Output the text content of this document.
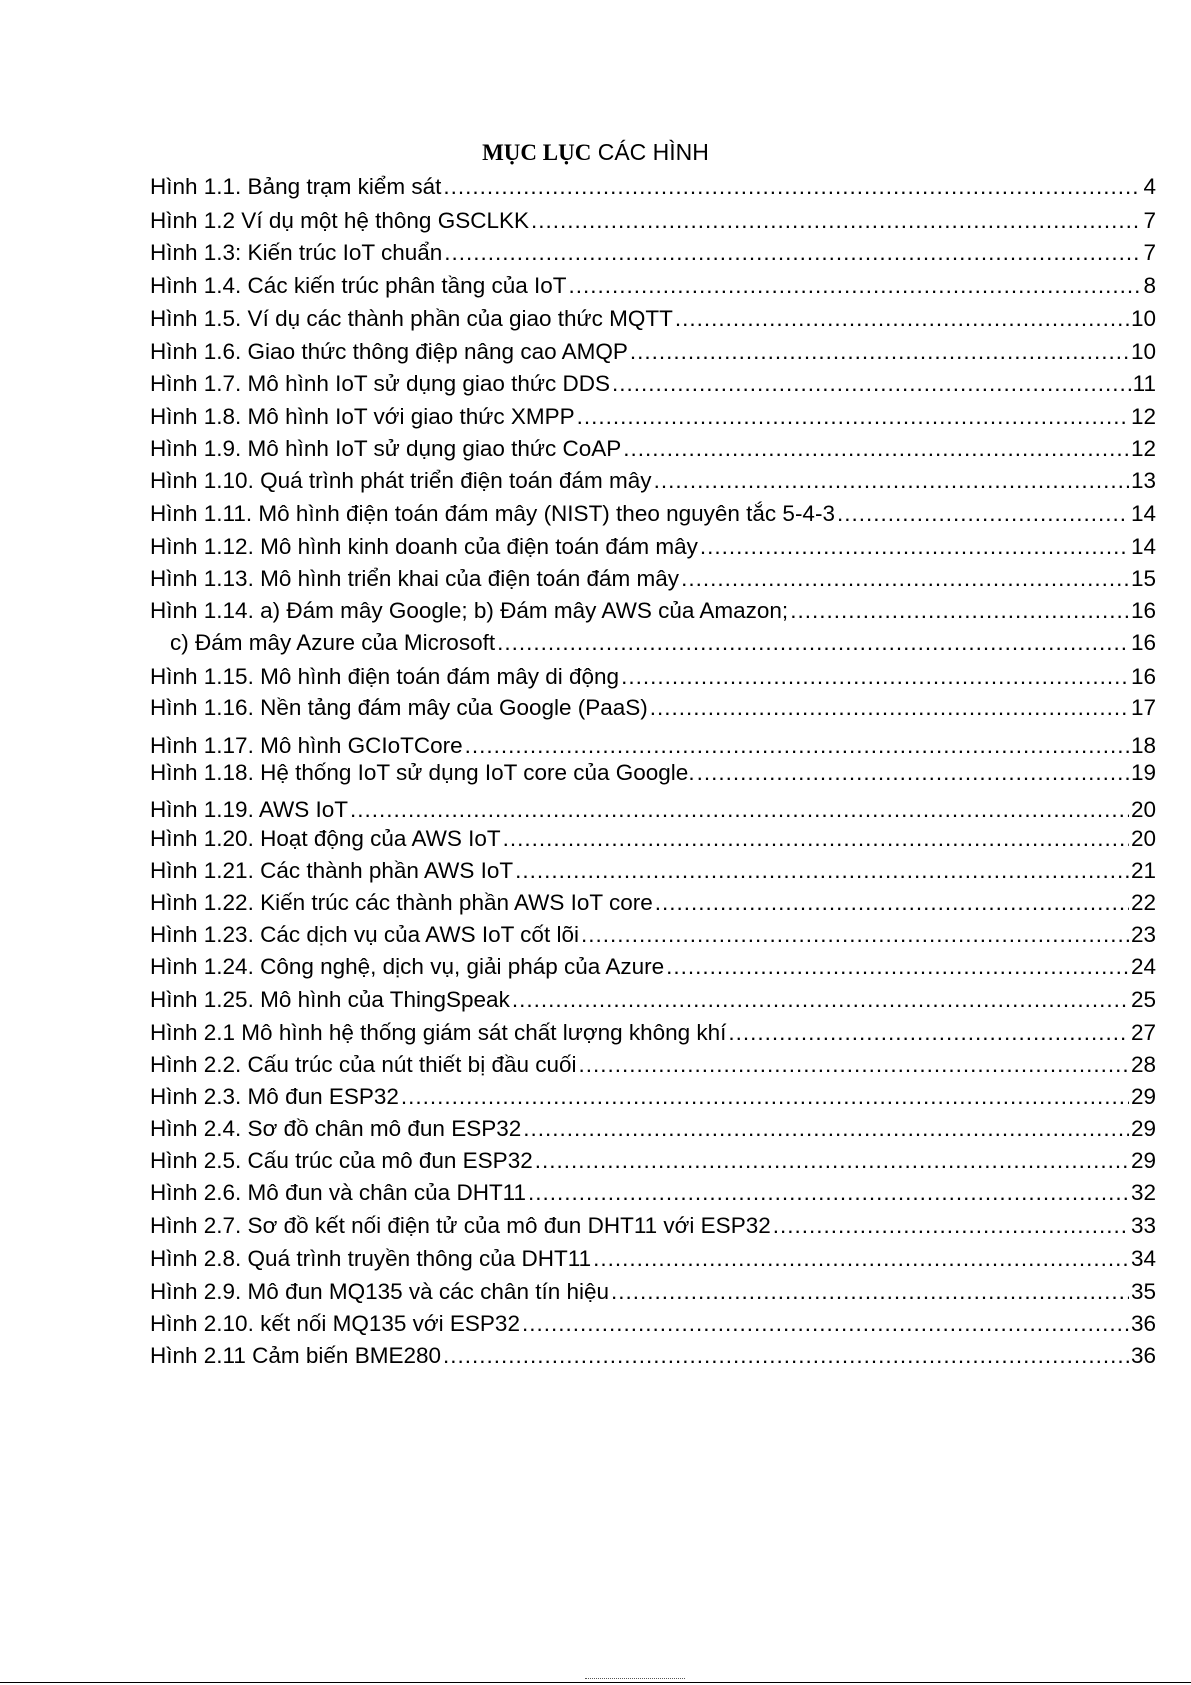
MỤC LỤC CÁC HÌNH
Hình 1.1. Bảng trạm kiểm sát .....	4
Hình 1.2 Ví dụ một hệ thông GSCLKK .....	7
Hình 1.3: Kiến trúc IoT chuẩn .....	7
Hình 1.4. Các kiến trúc phân tầng của IoT .....	8
Hình 1.5. Ví dụ các thành phần của giao thức MQTT .....	10
Hình 1.6. Giao thức thông điệp nâng cao AMQP .....	10
Hình 1.7. Mô hình IoT sử dụng giao thức DDS .....	11
Hình 1.8. Mô hình IoT với giao thức XMPP .....	12
Hình 1.9. Mô hình IoT sử dụng giao thức CoAP .....	12
Hình 1.10. Quá trình phát triển điện toán đám mây .....	13
Hình 1.11. Mô hình điện toán đám mây (NIST) theo nguyên tắc 5-4-3 .....	14
Hình 1.12. Mô hình kinh doanh của điện toán đám mây .....	14
Hình 1.13. Mô hình triển khai của điện toán đám mây .....	15
Hình 1.14. a) Đám mây Google; b) Đám mây AWS của Amazon; .....	16
c) Đám mây Azure của Microsoft .....	16
Hình 1.15. Mô hình điện toán đám mây di động .....	16
Hình 1.16. Nền tảng đám mây của Google (PaaS) .....	17
Hình 1.17. Mô hình GCIoTCore .....	18
Hình 1.18. Hệ thống IoT sử dụng IoT core của Google. .....	19
Hình 1.19. AWS IoT .....	20
Hình 1.20. Hoạt động của AWS IoT .....	20
Hình 1.21. Các thành phần AWS IoT .....	21
Hình 1.22. Kiến trúc các thành phần AWS IoT core .....	22
Hình 1.23. Các dịch vụ của AWS IoT cốt lõi .....	23
Hình 1.24. Công nghệ, dịch vụ, giải pháp của Azure .....	24
Hình 1.25. Mô hình của ThingSpeak .....	25
Hình 2.1 Mô hình hệ thống giám sát chất lượng không khí .....	27
Hình 2.2. Cấu trúc của nút thiết bị đầu cuối .....	28
Hình 2.3. Mô đun ESP32 .....	29
Hình 2.4. Sơ đồ chân mô đun ESP32 .....	29
Hình 2.5. Cấu trúc của mô đun ESP32 .....	29
Hình 2.6. Mô đun và chân của DHT11 .....	32
Hình 2.7. Sơ đồ kết nối điện tử của mô đun DHT11 với ESP32 .....	33
Hình 2.8. Quá trình truyền thông của DHT11 .....	34
Hình 2.9. Mô đun MQ135 và các chân tín hiệu .....	35
Hình 2.10. kết nối MQ135 với ESP32 .....	36
Hình 2.11 Cảm biến BME280 .....	36
